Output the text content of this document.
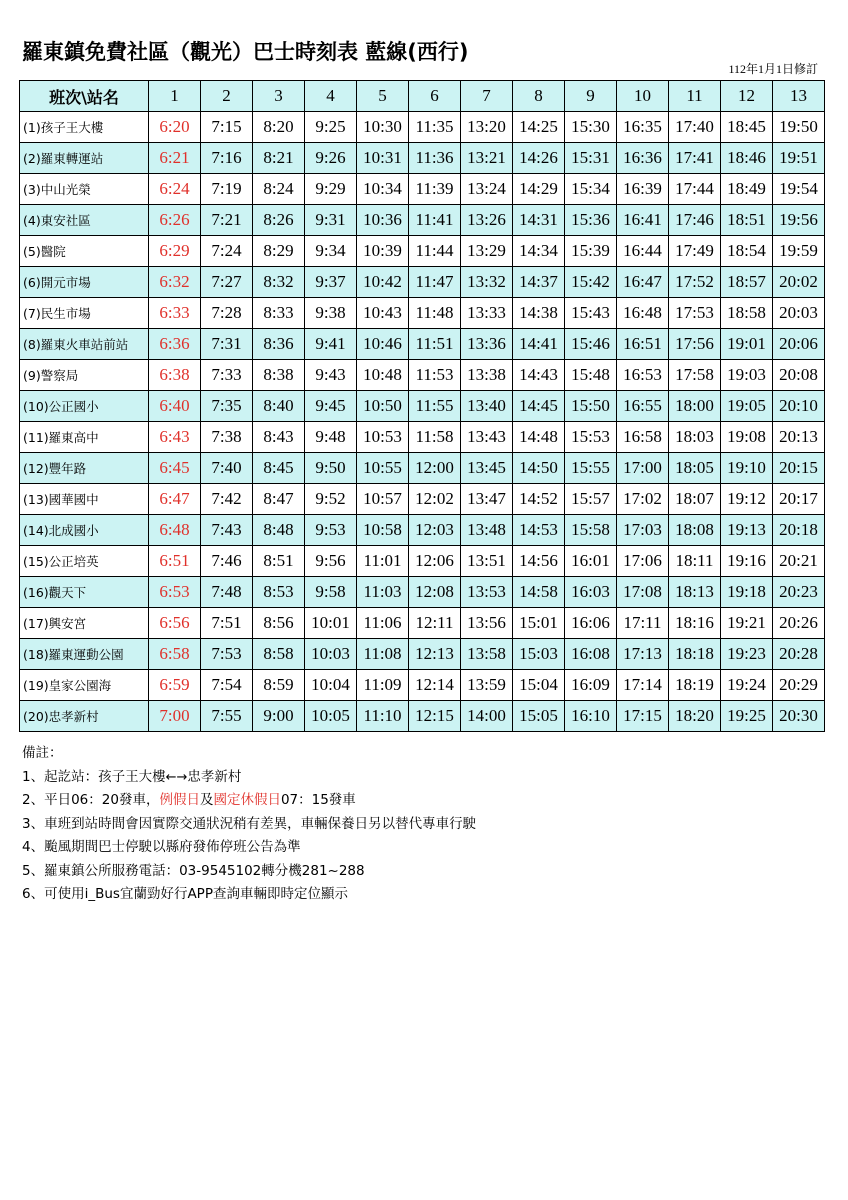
羅東鎮免費社區（觀光）巴士時刻表 藍線(西行)
112年1月1日修訂
班次\站名	1	2	3	4	5	6	7	8	9	10	11	12	13
(1)孩子王大樓	6:20	7:15	8:20	9:25	10:30	11:35	13:20	14:25	15:30	16:35	17:40	18:45	19:50
(2)羅東轉運站	6:21	7:16	8:21	9:26	10:31	11:36	13:21	14:26	15:31	16:36	17:41	18:46	19:51
(3)中山光榮	6:24	7:19	8:24	9:29	10:34	11:39	13:24	14:29	15:34	16:39	17:44	18:49	19:54
(4)東安社區	6:26	7:21	8:26	9:31	10:36	11:41	13:26	14:31	15:36	16:41	17:46	18:51	19:56
(5)醫院	6:29	7:24	8:29	9:34	10:39	11:44	13:29	14:34	15:39	16:44	17:49	18:54	19:59
(6)開元市場	6:32	7:27	8:32	9:37	10:42	11:47	13:32	14:37	15:42	16:47	17:52	18:57	20:02
(7)民生市場	6:33	7:28	8:33	9:38	10:43	11:48	13:33	14:38	15:43	16:48	17:53	18:58	20:03
(8)羅東火車站前站	6:36	7:31	8:36	9:41	10:46	11:51	13:36	14:41	15:46	16:51	17:56	19:01	20:06
(9)警察局	6:38	7:33	8:38	9:43	10:48	11:53	13:38	14:43	15:48	16:53	17:58	19:03	20:08
(10)公正國小	6:40	7:35	8:40	9:45	10:50	11:55	13:40	14:45	15:50	16:55	18:00	19:05	20:10
(11)羅東高中	6:43	7:38	8:43	9:48	10:53	11:58	13:43	14:48	15:53	16:58	18:03	19:08	20:13
(12)豐年路	6:45	7:40	8:45	9:50	10:55	12:00	13:45	14:50	15:55	17:00	18:05	19:10	20:15
(13)國華國中	6:47	7:42	8:47	9:52	10:57	12:02	13:47	14:52	15:57	17:02	18:07	19:12	20:17
(14)北成國小	6:48	7:43	8:48	9:53	10:58	12:03	13:48	14:53	15:58	17:03	18:08	19:13	20:18
(15)公正培英	6:51	7:46	8:51	9:56	11:01	12:06	13:51	14:56	16:01	17:06	18:11	19:16	20:21
(16)觀天下	6:53	7:48	8:53	9:58	11:03	12:08	13:53	14:58	16:03	17:08	18:13	19:18	20:23
(17)興安宮	6:56	7:51	8:56	10:01	11:06	12:11	13:56	15:01	16:06	17:11	18:16	19:21	20:26
(18)羅東運動公園	6:58	7:53	8:58	10:03	11:08	12:13	13:58	15:03	16:08	17:13	18:18	19:23	20:28
(19)皇家公園海	6:59	7:54	8:59	10:04	11:09	12:14	13:59	15:04	16:09	17:14	18:19	19:24	20:29
(20)忠孝新村	7:00	7:55	9:00	10:05	11:10	12:15	14:00	15:05	16:10	17:15	18:20	19:25	20:30
備註：
1、起訖站：孩子王大樓←→忠孝新村
2、平日06：20發車，例假日及國定休假日07：15發車
3、車班到站時間會因實際交通狀況稍有差異，車輛保養日另以替代專車行駛
4、颱風期間巴士停駛以縣府發佈停班公告為準
5、羅東鎮公所服務電話：03-9545102轉分機281~288
6、可使用i_Bus宜蘭勁好行APP查詢車輛即時定位顯示
